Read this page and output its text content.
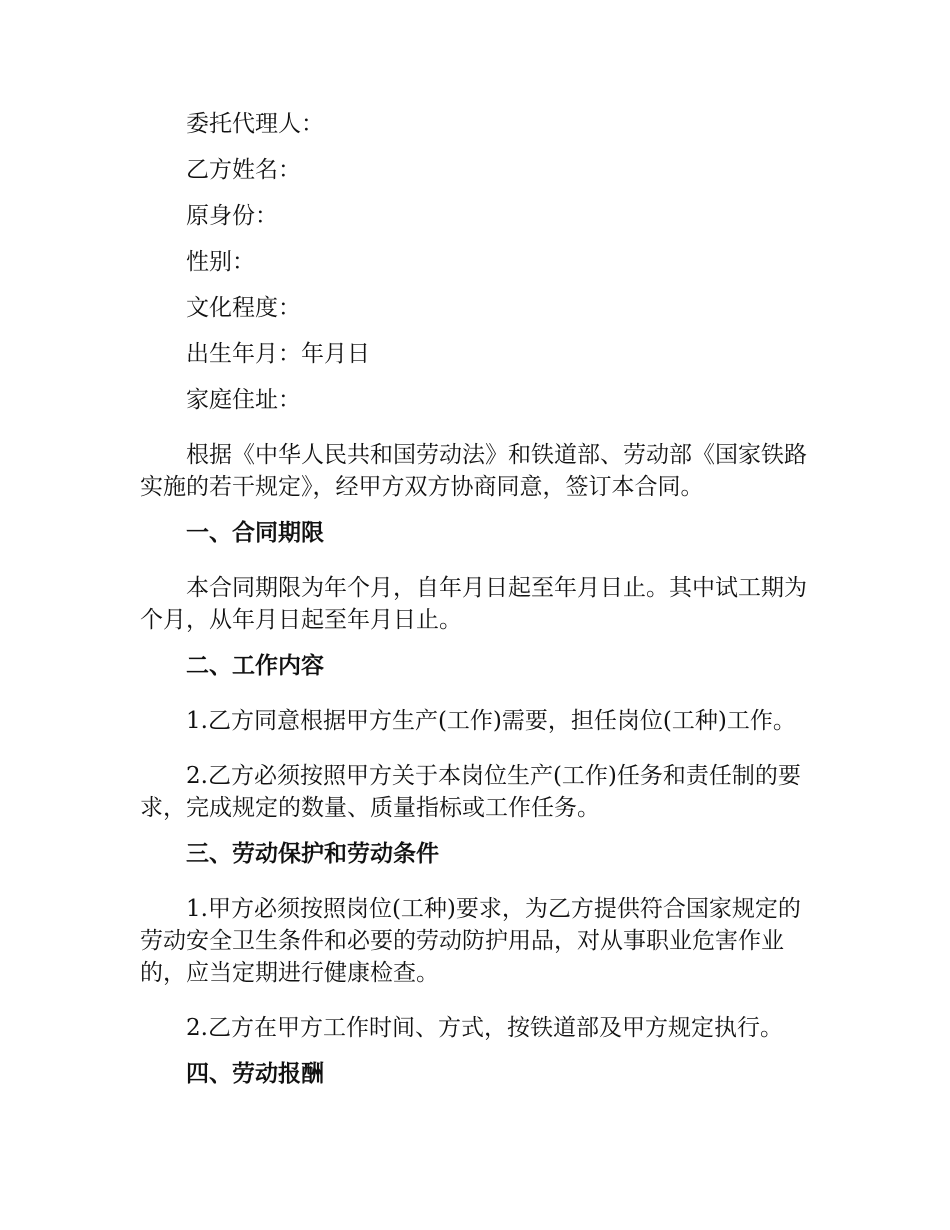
委托代理人：

乙方姓名：

原身份：

性别：

文化程度：

出生年月：年月日

家庭住址：

根据《中华人民共和国劳动法》和铁道部、劳动部《国家铁路实施的若干规定》，经甲方双方协商同意，签订本合同。

一、合同期限

本合同期限为年个月，自年月日起至年月日止。其中试工期为个月，从年月日起至年月日止。

二、工作内容

1.乙方同意根据甲方生产(工作)需要，担任岗位(工种)工作。

2.乙方必须按照甲方关于本岗位生产(工作)任务和责任制的要求，完成规定的数量、质量指标或工作任务。

三、劳动保护和劳动条件

1.甲方必须按照岗位(工种)要求，为乙方提供符合国家规定的劳动安全卫生条件和必要的劳动防护用品，对从事职业危害作业的，应当定期进行健康检查。

2.乙方在甲方工作时间、方式，按铁道部及甲方规定执行。

四、劳动报酬
